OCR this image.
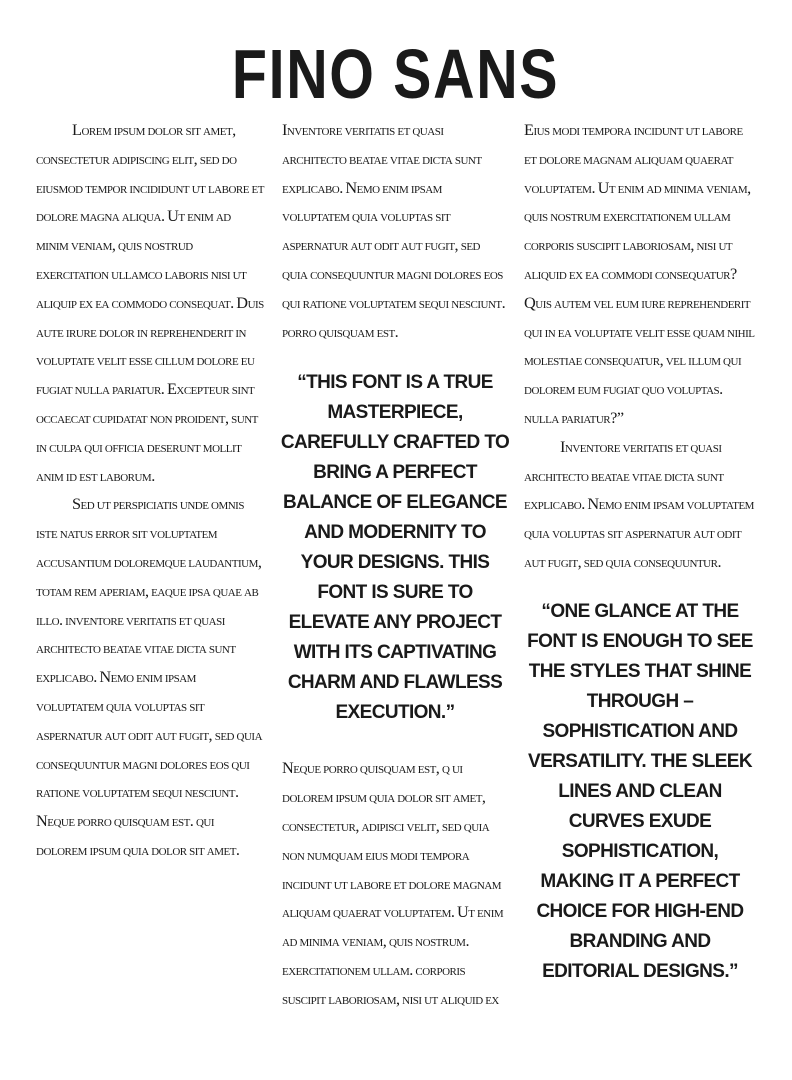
FINO SANS

Lorem ipsum dolor sit amet, consectetur adipiscing elit, sed do eiusmod tempor incididunt ut labore et dolore magna aliqua. Ut enim ad minim veniam, quis nostrud exercitation ullamco laboris nisi ut aliquip ex ea commodo consequat. Duis aute irure dolor in reprehenderit in voluptate velit esse cillum dolore eu fugiat nulla pariatur. Excepteur sint occaecat cupidatat non proident, sunt in culpa qui officia deserunt mollit anim id est laborum.

Sed ut perspiciatis unde omnis iste natus error sit voluptatem accusantium doloremque laudantium, totam rem aperiam, eaque ipsa quae ab illo. inventore veritatis et quasi architecto beatae vitae dicta sunt explicabo. Nemo enim ipsam voluptatem quia voluptas sit aspernatur aut odit aut fugit, sed quia consequuntur magni dolores eos qui ratione voluptatem sequi nesciunt. Neque porro quisquam est. qui dolorem ipsum quia dolor sit amet.

Inventore veritatis et quasi architecto beatae vitae dicta sunt explicabo. Nemo enim ipsam voluptatem quia voluptas sit aspernatur aut odit aut fugit, sed quia consequuntur magni dolores eos qui ratione voluptatem sequi nesciunt. porro quisquam est.

“THIS FONT IS A TRUE MASTERPIECE, CAREFULLY CRAFTED TO BRING A PERFECT BALANCE OF ELEGANCE AND MODERNITY TO YOUR DESIGNS. THIS FONT IS SURE TO ELEVATE ANY PROJECT WITH ITS CAPTIVATING CHARM AND FLAWLESS EXECUTION.”

Neque porro quisquam est, q ui dolorem ipsum quia dolor sit amet, consectetur, adipisci velit, sed quia non numquam eius modi tempora incidunt ut labore et dolore magnam aliquam quaerat voluptatem. Ut enim ad minima veniam, quis nostrum. exercitationem ullam. corporis suscipit laboriosam, nisi ut aliquid ex

Eius modi tempora incidunt ut labore et dolore magnam aliquam quaerat voluptatem. Ut enim ad minima veniam, quis nostrum exercitationem ullam corporis suscipit laboriosam, nisi ut aliquid ex ea commodi consequatur? Quis autem vel eum iure reprehenderit qui in ea voluptate velit esse quam nihil molestiae consequatur, vel illum qui dolorem eum fugiat quo voluptas. nulla pariatur?”

Inventore veritatis et quasi architecto beatae vitae dicta sunt explicabo. Nemo enim ipsam voluptatem quia voluptas sit aspernatur aut odit aut fugit, sed quia consequuntur.

“ONE GLANCE AT THE FONT IS ENOUGH TO SEE THE STYLES THAT SHINE THROUGH – SOPHISTICATION AND VERSATILITY. THE SLEEK LINES AND CLEAN CURVES EXUDE SOPHISTICATION, MAKING IT A PERFECT CHOICE FOR HIGH-END BRANDING AND EDITORIAL DESIGNS.”
